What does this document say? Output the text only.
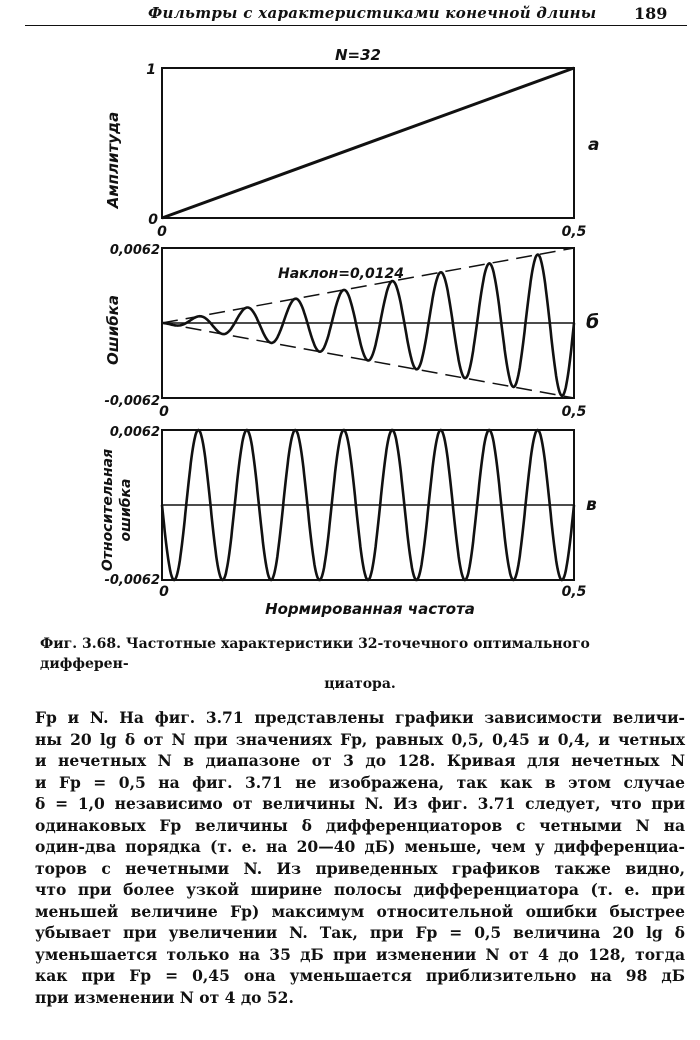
Фильтры с характеристиками конечной длины 189
N=32
1
0
0	0,5
Амплитуда	а
Наклон=0,0124
0,0062
-0,0062
0	0,5
Ошибка	б
0,0062
-0,0062
0	0,5
Относительная ошибка	в
Нормированная частота
Фиг. 3.68. Частотные характеристики 32-точечного оптимального дифферен-
циатора.
Fp и N. На фиг. 3.71 представлены графики зависимости величи-
ны 20 lg δ от N при значениях Fp, равных 0,5, 0,45 и 0,4, и четных
и нечетных N в диапазоне от 3 до 128. Кривая для нечетных N
и Fp = 0,5 на фиг. 3.71 не изображена, так как в этом случае
δ = 1,0 независимо от величины N. Из фиг. 3.71 следует, что при
одинаковых Fp величины δ дифференциаторов с четными N на
один-два порядка (т. е. на 20—40 дБ) меньше, чем у дифференциа-
торов с нечетными N. Из приведенных графиков также видно,
что при более узкой ширине полосы дифференциатора (т. е. при
меньшей величине Fp) максимум относительной ошибки быстрее
убывает при увеличении N. Так, при Fp = 0,5 величина 20 lg δ
уменьшается только на 35 дБ при изменении N от 4 до 128, тогда
как при Fp = 0,45 она уменьшается приблизительно на 98 дБ
при изменении N от 4 до 52.
